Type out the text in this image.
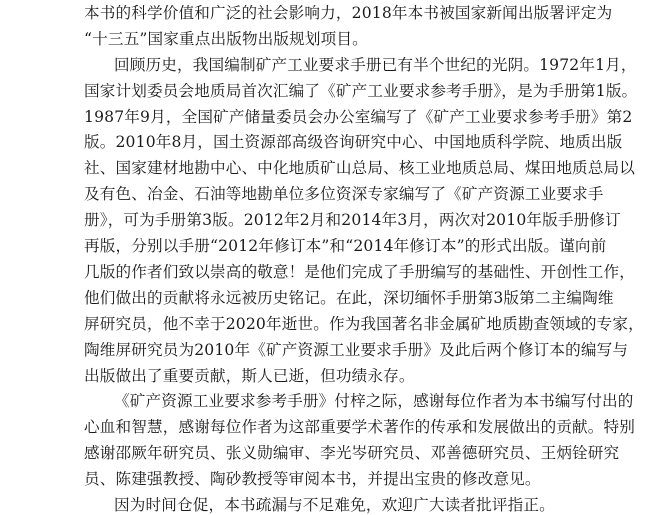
本书的科学价值和广泛的社会影响力，2018年本书被国家新闻出版署评定为
“十三五”国家重点出版物出版规划项目。
回顾历史，我国编制矿产工业要求手册已有半个世纪的光阴。1972年1月，
国家计划委员会地质局首次汇编了《矿产工业要求参考手册》，是为手册第1版。
1987年9月，全国矿产储量委员会办公室编写了《矿产工业要求参考手册》第2
版。2010年8月，国土资源部高级咨询研究中心、中国地质科学院、地质出版
社、国家建材地勘中心、中化地质矿山总局、核工业地质总局、煤田地质总局以
及有色、冶金、石油等地勘单位多位资深专家编写了《矿产资源工业要求手
册》，可为手册第3版。2012年2月和2014年3月，两次对2010年版手册修订
再版，分别以手册“2012年修订本”和“2014年修订本”的形式出版。谨向前
几版的作者们致以崇高的敬意！是他们完成了手册编写的基础性、开创性工作，
他们做出的贡献将永远被历史铭记。在此，深切缅怀手册第3版第二主编陶维
屏研究员，他不幸于2020年逝世。作为我国著名非金属矿地质勘查领域的专家，
陶维屏研究员为2010年《矿产资源工业要求手册》及此后两个修订本的编写与
出版做出了重要贡献，斯人已逝，但功绩永存。
《矿产资源工业要求参考手册》付梓之际，感谢每位作者为本书编写付出的
心血和智慧，感谢每位作者为这部重要学术著作的传承和发展做出的贡献。特别
感谢邵厥年研究员、张义勋编审、李光岑研究员、邓善德研究员、王炳铨研究
员、陈建强教授、陶砂教授等审阅本书，并提出宝贵的修改意见。
因为时间仓促，本书疏漏与不足难免，欢迎广大读者批评指正。
